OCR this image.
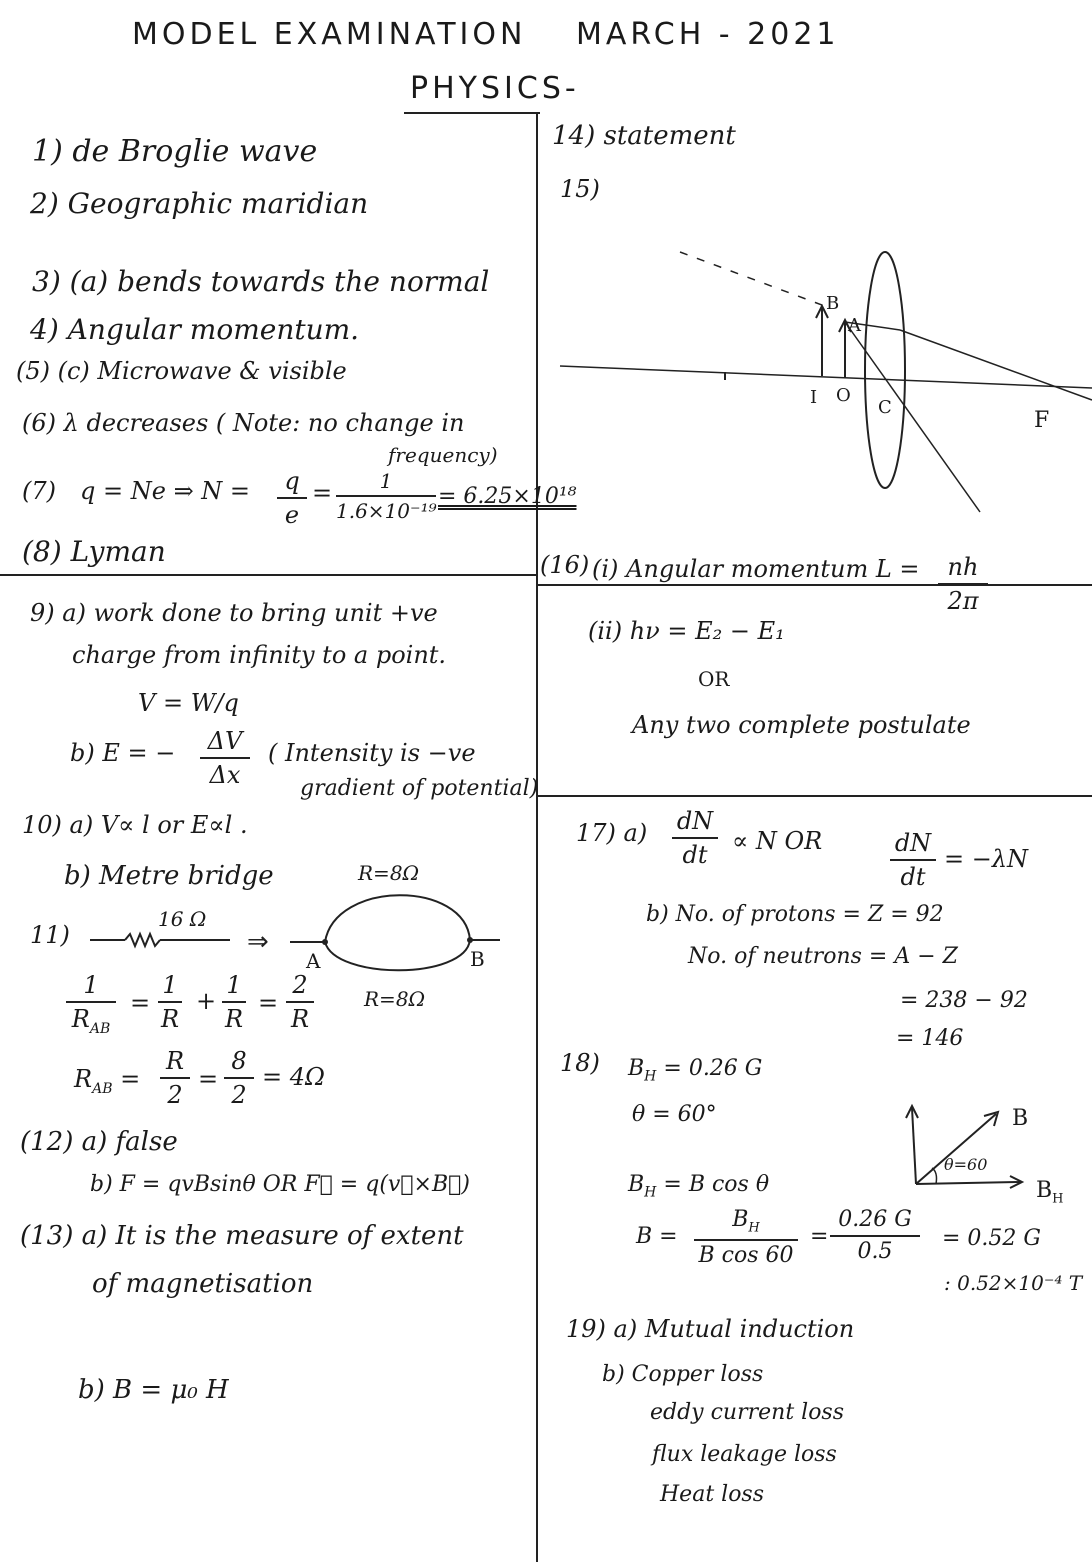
MODEL EXAMINATION MARCH - 2021
PHYSICS-
1) de Broglie wave
2) Geographic maridian
3) (a) bends towards the normal
4) Angular momentum.
(5) (c) Microwave & visible
(6) λ decreases ( Note: no change in
frequency)
(7) q = Ne ⇒ N =	q
e
=	1
1.6×10⁻¹⁹
= 6.25×10¹⁸
(8) Lyman
9) a) work done to bring unit +ve
charge from infinity to a point.
V = W/q
b) E = −	ΔV
Δx
( Intensity is −ve
gradient of potential)
10) a) V∝ l or E∝l .
b) Metre bridge
11)
16 Ω
⇒
R=8Ω
R=8Ω
A	B
1
$R_{AB}$
=
1
R
+
1
R
=
2
R
$R_{AB}$ =
R
2
=
8
2
= 4Ω
(12) a) false
b) F = qvBsinθ OR F⃗ = q(v⃗×B⃗)
(13) a) It is the measure of extent
of magnetisation
b) B = μ₀ H
14) statement
15)
B
A
I O
C
F
(16) (i) Angular momentum L =	nh
2π
(ii) hν = E₂ − E₁
OR
Any two complete postulate
17) a) dN
dt
∝ N OR	dN
dt
= −λN
b) No. of protons = Z = 92
No. of neutrons = A − Z
= 238 − 92
= 146
18) $B_H = 0.26$ G
θ = 60°
$B_H = B$ cos θ
B =
$B_H$
B cos 60
=
0.26 G
0.5
= 0.52 G
: 0.52×10⁻⁴ T
B
θ=60
$B_H$
19) a) Mutual induction
b) Copper loss
eddy current loss
flux leakage loss
Heat loss
